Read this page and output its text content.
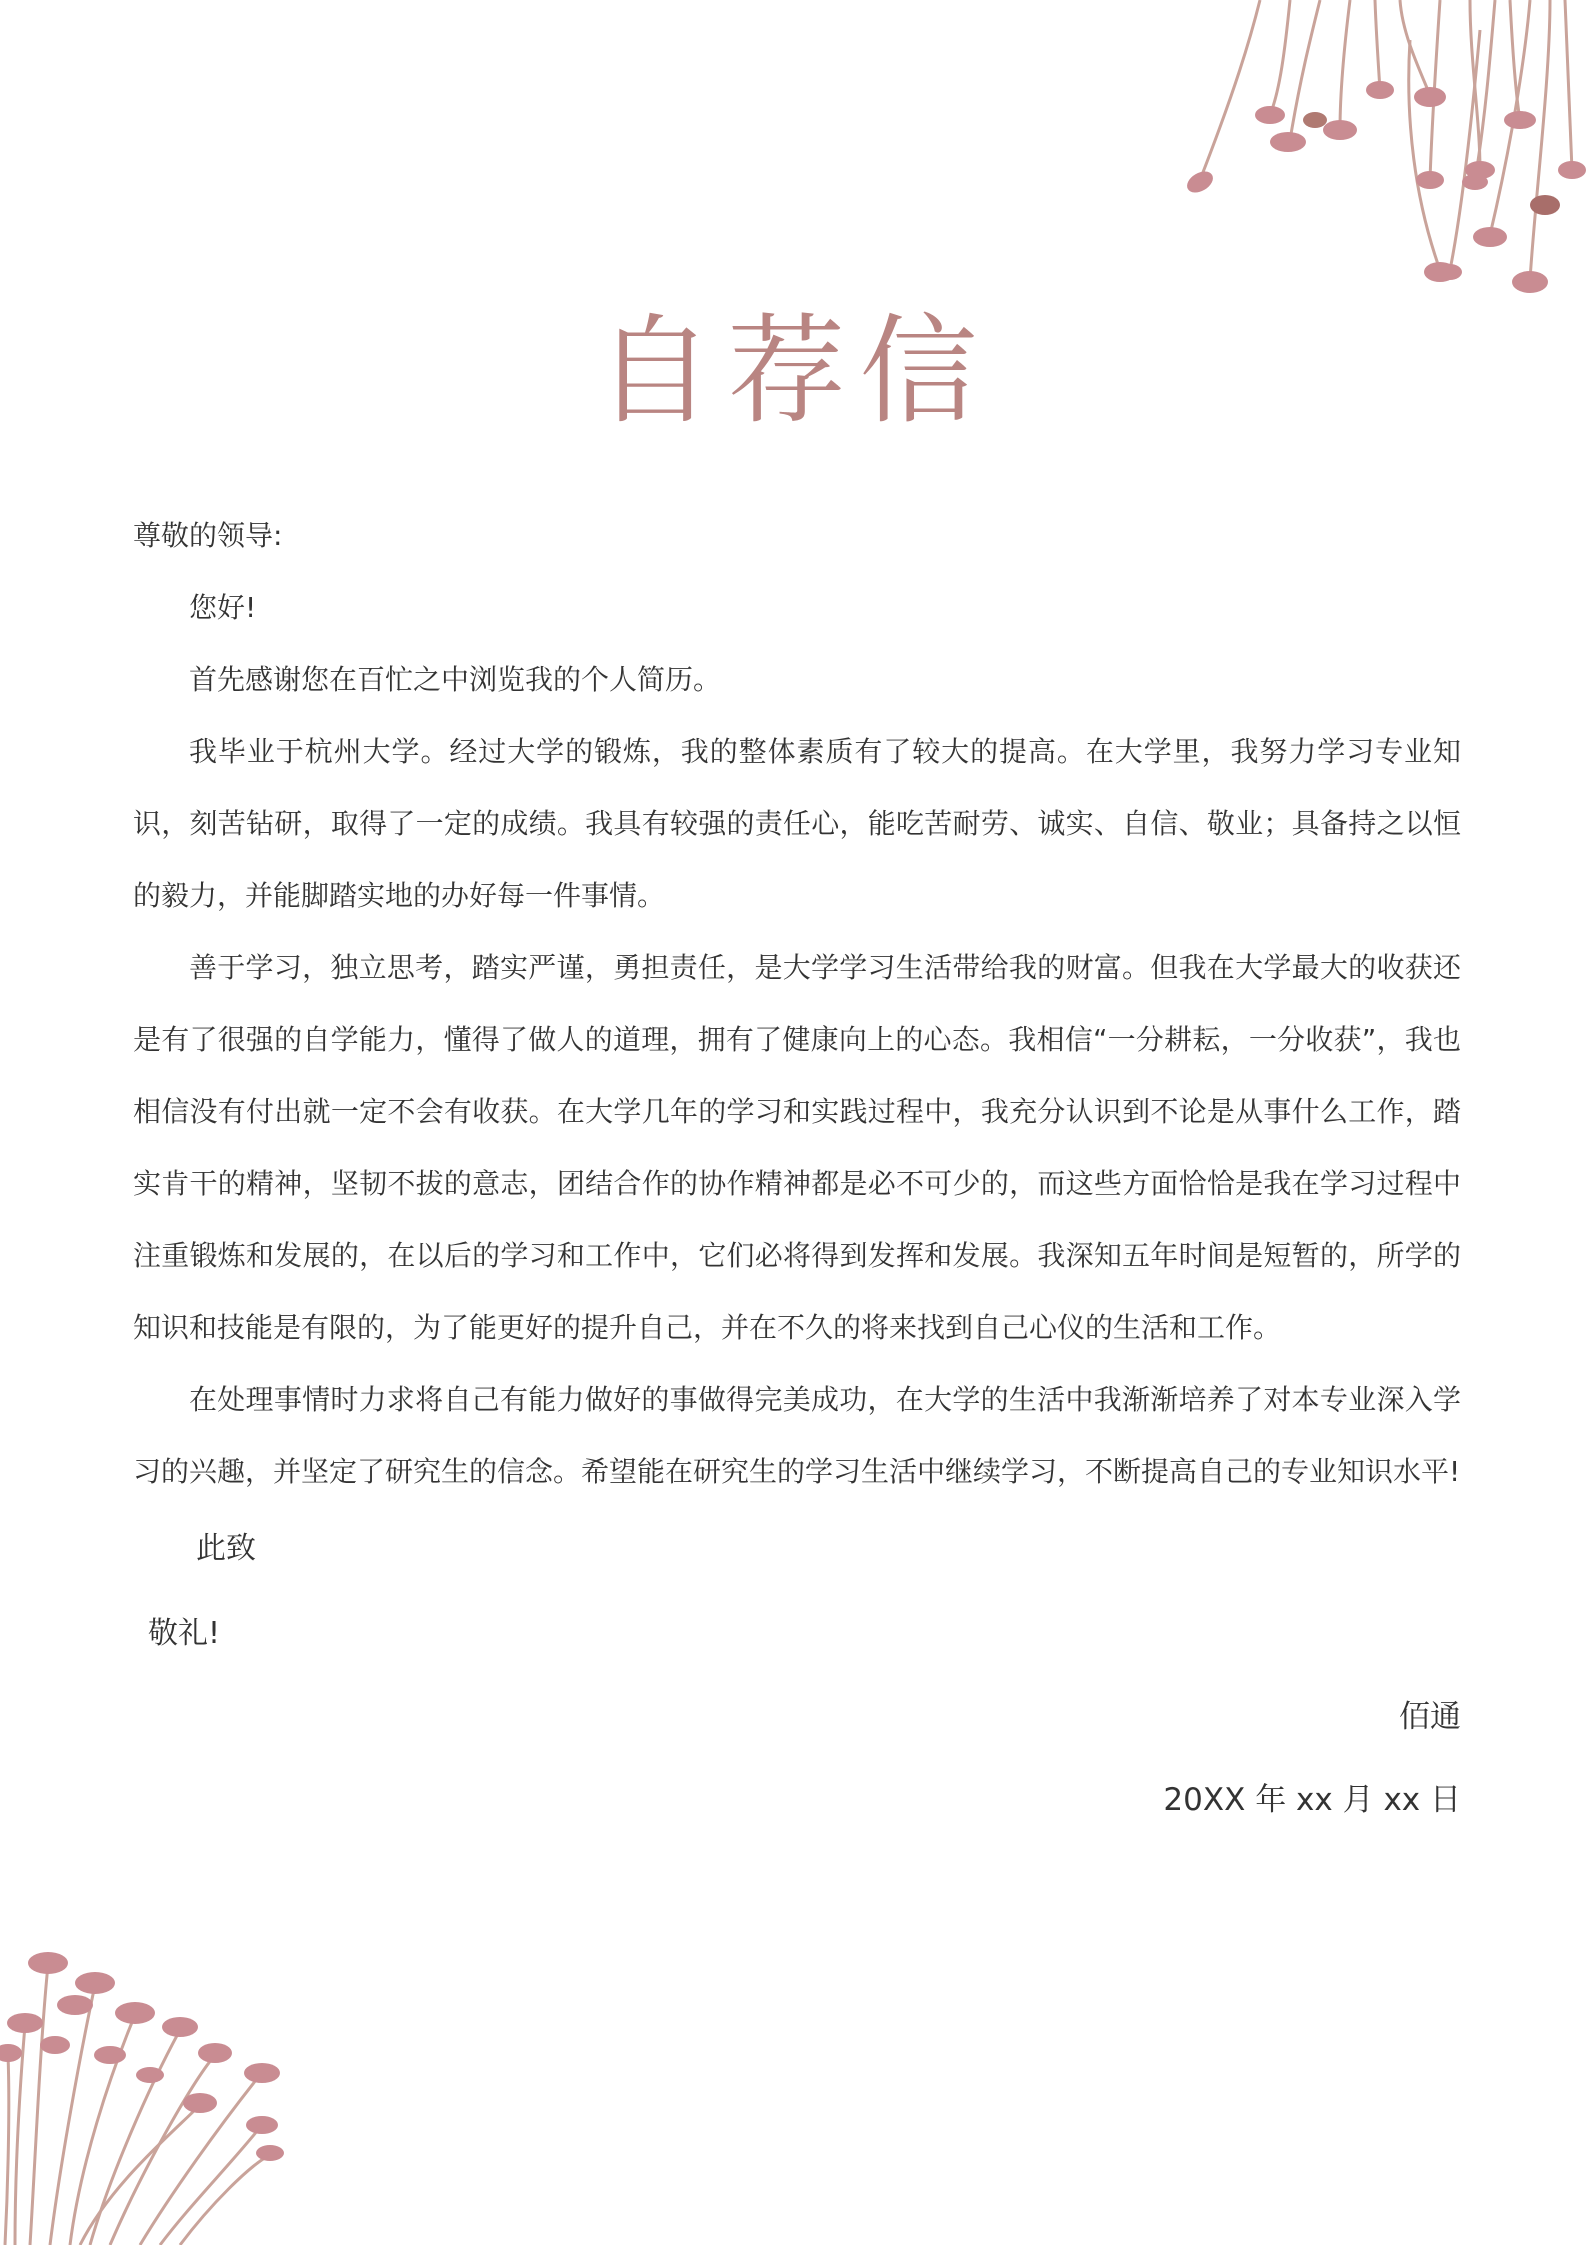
自荐信

尊敬的领导:

您好!

首先感谢您在百忙之中浏览我的个人简历。

我毕业于杭州大学。经过大学的锻炼，我的整体素质有了较大的提高。在大学里，我努力学习专业知识，刻苦钻研，取得了一定的成绩。我具有较强的责任心，能吃苦耐劳、诚实、自信、敬业；具备持之以恒的毅力，并能脚踏实地的办好每一件事情。

善于学习，独立思考，踏实严谨，勇担责任，是大学学习生活带给我的财富。但我在大学最大的收获还是有了很强的自学能力，懂得了做人的道理，拥有了健康向上的心态。我相信“一分耕耘，一分收获”，我也相信没有付出就一定不会有收获。在大学几年的学习和实践过程中，我充分认识到不论是从事什么工作，踏实肯干的精神，坚韧不拔的意志，团结合作的协作精神都是必不可少的，而这些方面恰恰是我在学习过程中注重锻炼和发展的，在以后的学习和工作中，它们必将得到发挥和发展。我深知五年时间是短暂的，所学的知识和技能是有限的，为了能更好的提升自己，并在不久的将来找到自己心仪的生活和工作。

在处理事情时力求将自己有能力做好的事做得完美成功，在大学的生活中我渐渐培养了对本专业深入学习的兴趣，并坚定了研究生的信念。希望能在研究生的学习生活中继续学习，不断提高自己的专业知识水平!

此致
敬礼!
佰通
20XX 年 xx 月 xx 日
